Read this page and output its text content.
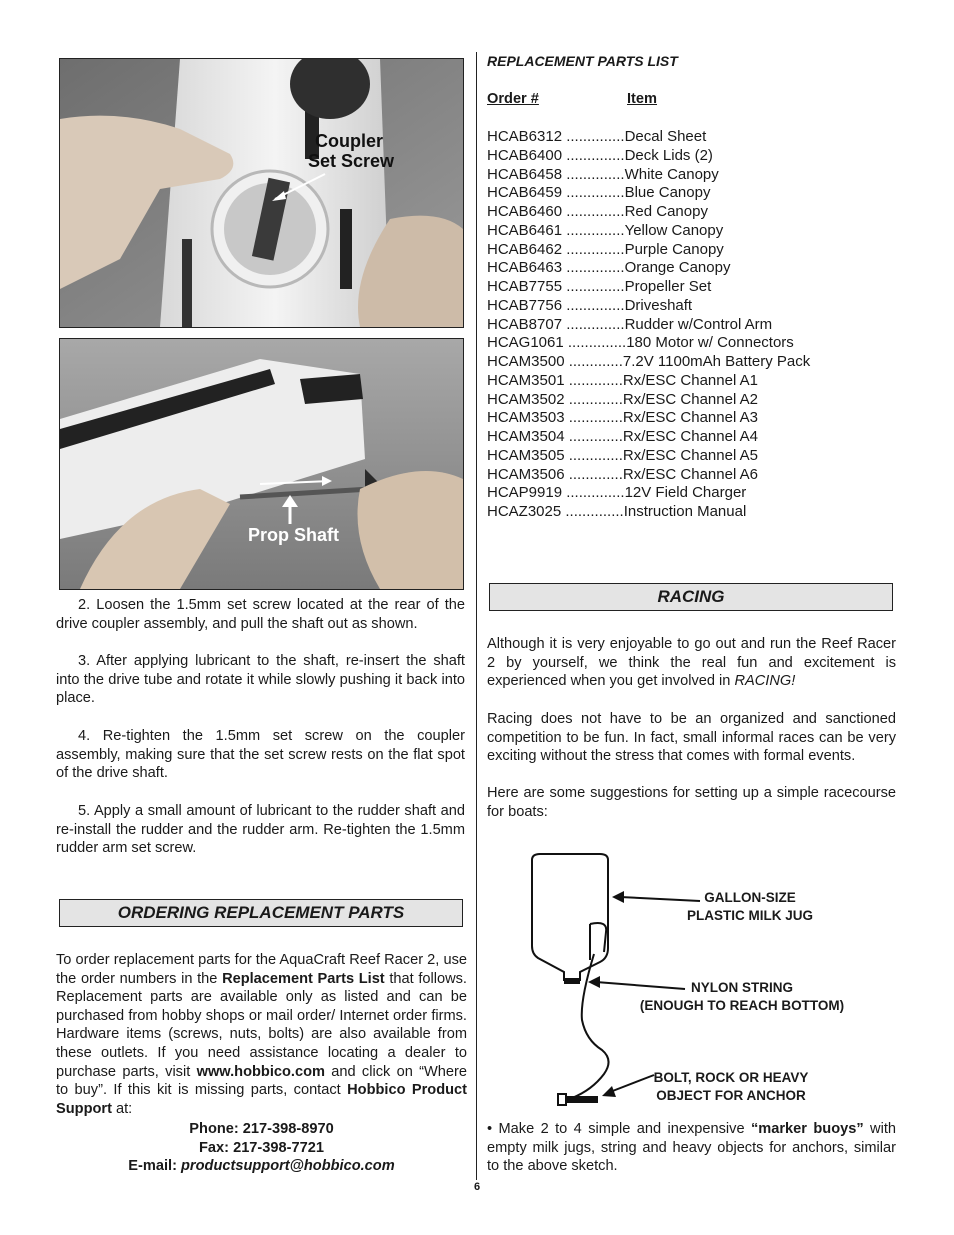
Coupler
Set Screw
Prop Shaft
2. Loosen the 1.5mm set screw located at the rear of the drive coupler assembly, and pull the shaft out as shown.
3. After applying lubricant to the shaft, re-insert the shaft into the drive tube and rotate it while slowly pushing it back into place.
4. Re-tighten the 1.5mm set screw on the coupler assembly, making sure that the set screw rests on the flat spot of the drive shaft.
5. Apply a small amount of lubricant to the rudder shaft and re-install the rudder and the rudder arm. Re-tighten the 1.5mm rudder arm set screw.
ORDERING REPLACEMENT PARTS
To order replacement parts for the AquaCraft Reef Racer 2, use the order numbers in the Replacement Parts List that follows. Replacement parts are available only as listed and can be purchased from hobby shops or mail order/ Internet order firms. Hardware items (screws, nuts, bolts) are also available from these outlets. If you need assistance locating a dealer to purchase parts, visit www.hobbico.com and click on “Where to buy”. If this kit is missing parts, contact Hobbico Product Support at:
Phone: 217-398-8970
Fax: 217-398-7721
E-mail: productsupport@hobbico.com
REPLACEMENT PARTS LIST
Order #	Item
HCAB6312 .............. Decal Sheet
HCAB6400 .............. Deck Lids (2)
HCAB6458 .............. White Canopy
HCAB6459 .............. Blue Canopy
HCAB6460 .............. Red Canopy
HCAB6461 .............. Yellow Canopy
HCAB6462 .............. Purple Canopy
HCAB6463 .............. Orange Canopy
HCAB7755 .............. Propeller Set
HCAB7756 .............. Driveshaft
HCAB8707 .............. Rudder w/Control Arm
HCAG1061 .............. 180 Motor w/ Connectors
HCAM3500 ............. 7.2V 1100mAh Battery Pack
HCAM3501 ............. Rx/ESC Channel A1
HCAM3502 ............. Rx/ESC Channel A2
HCAM3503 ............. Rx/ESC Channel A3
HCAM3504 ............. Rx/ESC Channel A4
HCAM3505 ............. Rx/ESC Channel A5
HCAM3506 ............. Rx/ESC Channel A6
HCAP9919 .............. 12V Field Charger
HCAZ3025 .............. Instruction Manual
RACING
Although it is very enjoyable to go out and run the Reef Racer 2 by yourself, we think the real fun and excitement is experienced when you get involved in RACING!
Racing does not have to be an organized and sanctioned competition to be fun. In fact, small informal races can be very exciting without the stress that comes with formal events.
Here are some suggestions for setting up a simple racecourse for boats:
GALLON-SIZE
PLASTIC MILK JUG
NYLON STRING
(ENOUGH TO REACH BOTTOM)
BOLT, ROCK OR HEAVY
OBJECT FOR ANCHOR
• Make 2 to 4 simple and inexpensive “marker buoys” with empty milk jugs, string and heavy objects for anchors, similar to the above sketch.
6
